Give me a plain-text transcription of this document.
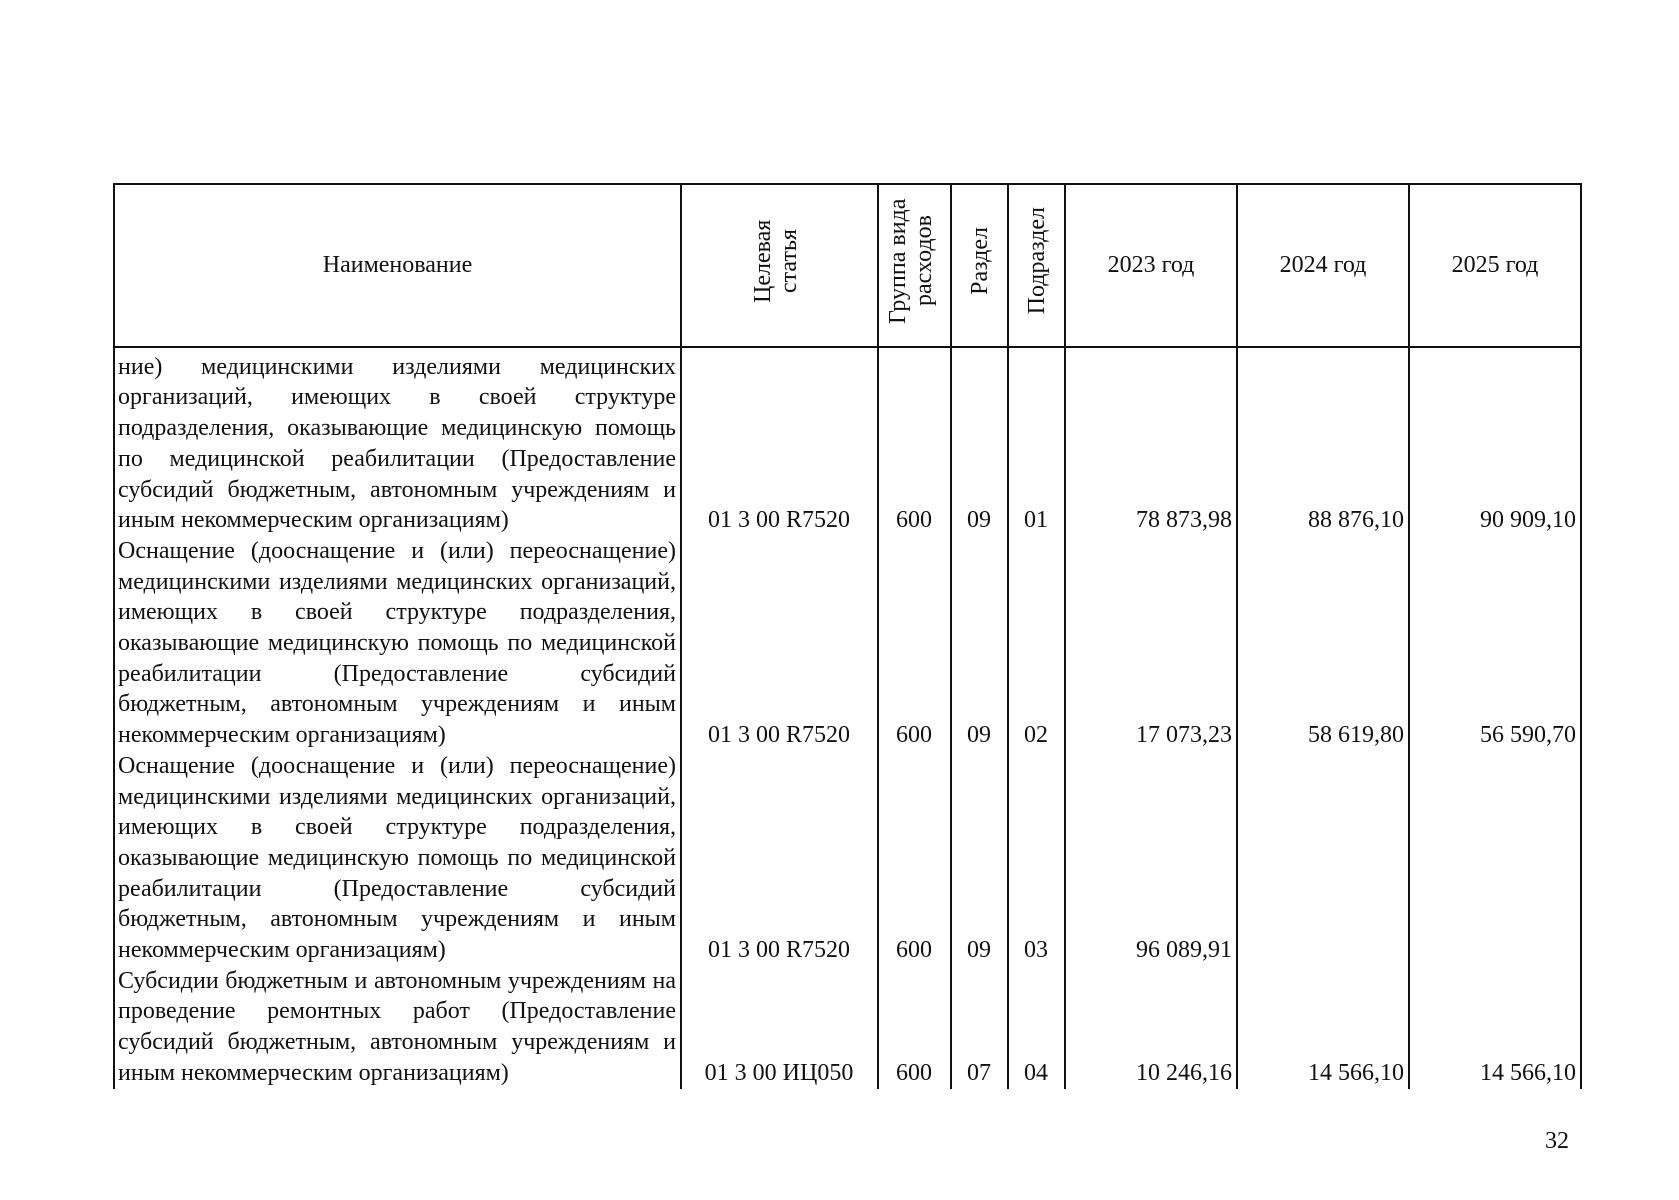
Наименование	Целевая статья	Группа вида расходов	Раздел	Подраздел	2023 год	2024 год	2025 год

ние) медицинскими изделиями медицинских организаций, имеющих в своей структуре подразделения, оказывающие медицинскую помощь по медицинской реабилитации (Предоставление субсидий бюджетным, автономным учреждениям и иным некоммерческим организациям)	01 3 00 R7520	600	09	01	78 873,98	88 876,10	90 909,10

Оснащение (дооснащение и (или) переоснащение) медицинскими изделиями медицинских организаций, имеющих в своей структуре подразделения, оказывающие медицинскую помощь по медицинской реабилитации (Предоставление субсидий бюджетным, автономным учреждениям и иным некоммерческим организациям)	01 3 00 R7520	600	09	02	17 073,23	58 619,80	56 590,70

Оснащение (дооснащение и (или) переоснащение) медицинскими изделиями медицинских организаций, имеющих в своей структуре подразделения, оказывающие медицинскую помощь по медицинской реабилитации (Предоставление субсидий бюджетным, автономным учреждениям и иным некоммерческим организациям)	01 3 00 R7520	600	09	03	96 089,91		

Субсидии бюджетным и автономным учреждениям на проведение ремонтных работ (Предоставление субсидий бюджетным, автономным учреждениям и иным некоммерческим организациям)	01 3 00 ИЦ050	600	07	04	10 246,16	14 566,10	14 566,10
32
